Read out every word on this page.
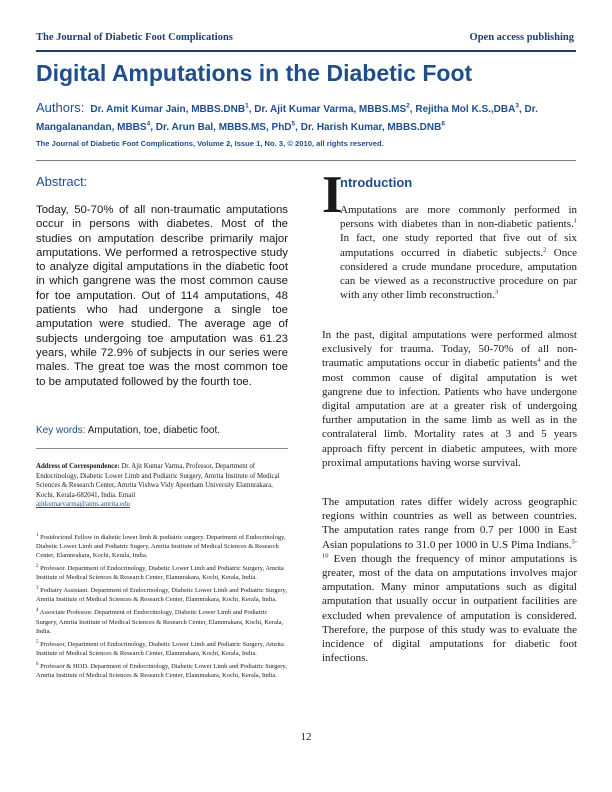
The Journal of Diabetic Foot Complications	Open access publishing
Digital Amputations in the Diabetic Foot
Authors: Dr. Amit Kumar Jain, MBBS.DNB$^1$, Dr. Ajit Kumar Varma, $MBBS.MS^2$, Rejitha Mol K.S.,DBA$^3$, Dr. Mangalanandan, MBBS$^4$, Dr. Arun Bal, MBBS.MS, PhD$^5$, Dr. Harish Kumar, MBBS.DNB$^6$
The Journal of Diabetic Foot Complications, Volume 2, Issue 1, No. 3, © 2010, all rights reserved.
Abstract:
Today, 50-70% of all non-traumatic amputations occur in persons with diabetes. Most of the studies on amputation describe primarily major amputations. We performed a retrospective study to analyze digital amputations in the diabetic foot in which gangrene was the most common cause for toe amputation. Out of 114 amputations, 48 patients who had undergone a single toe amputation were studied. The average age of subjects undergoing toe amputation was 61.23 years, while 72.9% of subjects in our series were males. The great toe was the most common toe to be amputated followed by the fourth toe.
Key words: Amputation, toe, diabetic foot.
Address of Correspondence: Dr. Ajit Kumar Varma, Professor, Department of Endocrinology, Diabetic Lower Limb and Podiatric Surgery, Amrita Institute of Medical Sciences & Research Center, Amrita Vishwa Vidy Apeetham University Elamnrakara, Kochi, Kerala-682041, India. Email
ajitkumarvarma@aims.amrita.edu
$^1$ Postdoctoral Fellow in diabetic lower limb & podiatric surgery. Department of Endocrinology, Diabetic Lower Limb and Podiatric Sugery, Amrita Institute of Medical Sciences & Research Center, Elamnrakara, Kochi, Kerala, India.
$^2$ Professor. Department of Endocrinology, Diabetic Lower Limb and Podiatric Surgery, Amrita Institute of Medical Sciences & Research Center, Elamnrakara, Kochi, Kerala, India.
$^3$ Podiatry Assistant. Department of Endocrinology, Diabetic Lower Limb and Podiatric Surgery, Amrita Institute of Medical Sciences & Research Center, Elamnrakara, Kochi, Kerala, India.
$^4$ Associate Professor. Department of Endocrinology, Diabetic Lower Limb and Podiatric Surgery, Amrita Institute of Medical Sciences & Research Center, Elamnrakara, Kochi, Kerala, India.
$^5$ Professor, Department of Endocrinology, Diabetic Lower Limb and Podiatric Surgery, Amrita Institute of Medical Sciences & Research Center, Elamnrakara, Kochi, Kerala, India.
$^6$ Professor & HOD. Department of Endocrinology, Diabetic Lower Limb and Podiatric Surgery, Amrita Institute of Medical Sciences & Research Center, Elamnrakara, Kochi, Kerala, India.
I
ntroduction
Amputations are more commonly performed in persons with diabetes than in non-diabetic patients.$^1$ In fact, one study reported that five out of six amputations occurred in diabetic subjects.$^2$ Once considered a crude mundane procedure, amputation can be viewed as a reconstructive procedure on par with any other limb reconstruction.$^3$
In the past, digital amputations were performed almost exclusively for trauma. Today, 50-70% of all non-traumatic amputations occur in diabetic patients$^4$ and the most common cause of digital amputation is wet gangrene due to infection. Patients who have undergone digital amputation are at a greater risk of undergoing further amputation in the same limb as well as in the contralateral limb. Mortality rates at 3 and 5 years approach fifty percent in diabetic amputees, with more proximal amputations having worse survival.
The amputation rates differ widely across geographic regions within countries as well as between countries. The amputation rates range from 0.7 per 1000 in East Asian populations to 31.0 per 1000 in U.S Pima Indians.$^{5-10}$ Even though the frequency of minor amputations is greater, most of the data on amputations involves major amputation. Many minor amputations such as digital amputation that usually occur in outpatient facilities are excluded when prevalence of amputation is considered. Therefore, the purpose of this study was to evaluate the incidence of digital amputations for diabetic foot infections.
12
